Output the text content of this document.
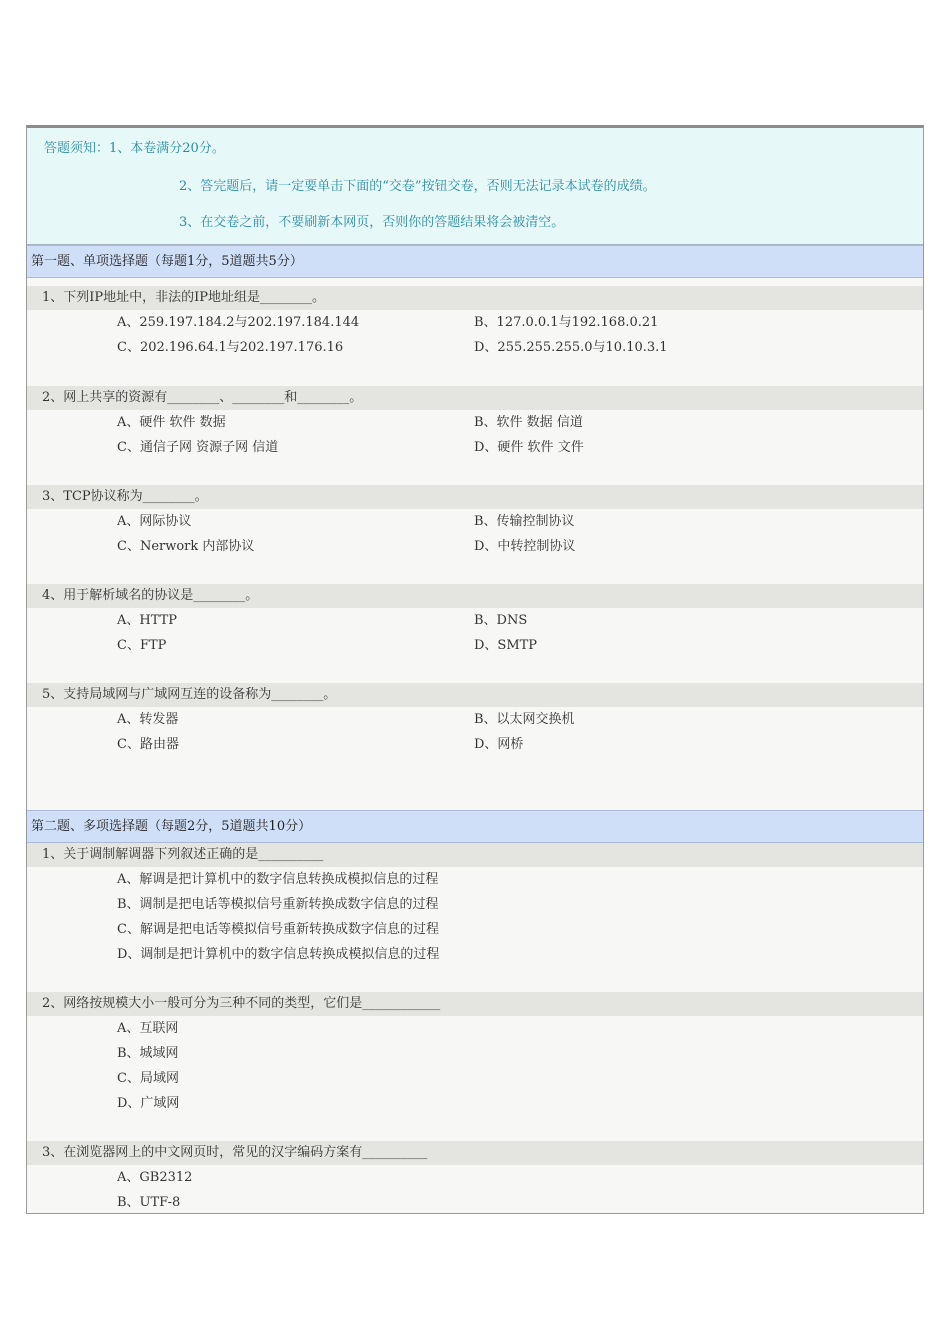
答题须知：1、本卷满分20分。
2、答完题后，请一定要单击下面的“交卷”按钮交卷，否则无法记录本试卷的成绩。
3、在交卷之前，不要刷新本网页，否则你的答题结果将会被清空。
第一题、单项选择题（每题1分，5道题共5分）
1、下列IP地址中，非法的IP地址组是________。
A、259.197.184.2与202.197.184.144	B、127.0.0.1与192.168.0.21
C、202.196.64.1与202.197.176.16	D、255.255.255.0与10.10.3.1
2、网上共享的资源有________、________和________。
A、硬件 软件 数据	B、软件 数据 信道
C、通信子网 资源子网 信道	D、硬件 软件 文件
3、TCP协议称为________。
A、网际协议	B、传输控制协议
C、Nerwork 内部协议	D、中转控制协议
4、用于解析域名的协议是________。
A、HTTP	B、DNS
C、FTP	D、SMTP
5、支持局域网与广域网互连的设备称为________。
A、转发器	B、以太网交换机
C、路由器	D、网桥
第二题、多项选择题（每题2分，5道题共10分）
1、关于调制解调器下列叙述正确的是__________
A、解调是把计算机中的数字信息转换成模拟信息的过程
B、调制是把电话等模拟信号重新转换成数字信息的过程
C、解调是把电话等模拟信号重新转换成数字信息的过程
D、调制是把计算机中的数字信息转换成模拟信息的过程
2、网络按规模大小一般可分为三种不同的类型，它们是____________
A、互联网
B、城域网
C、局域网
D、广域网
3、在浏览器网上的中文网页时，常见的汉字编码方案有__________
A、GB2312
B、UTF-8
